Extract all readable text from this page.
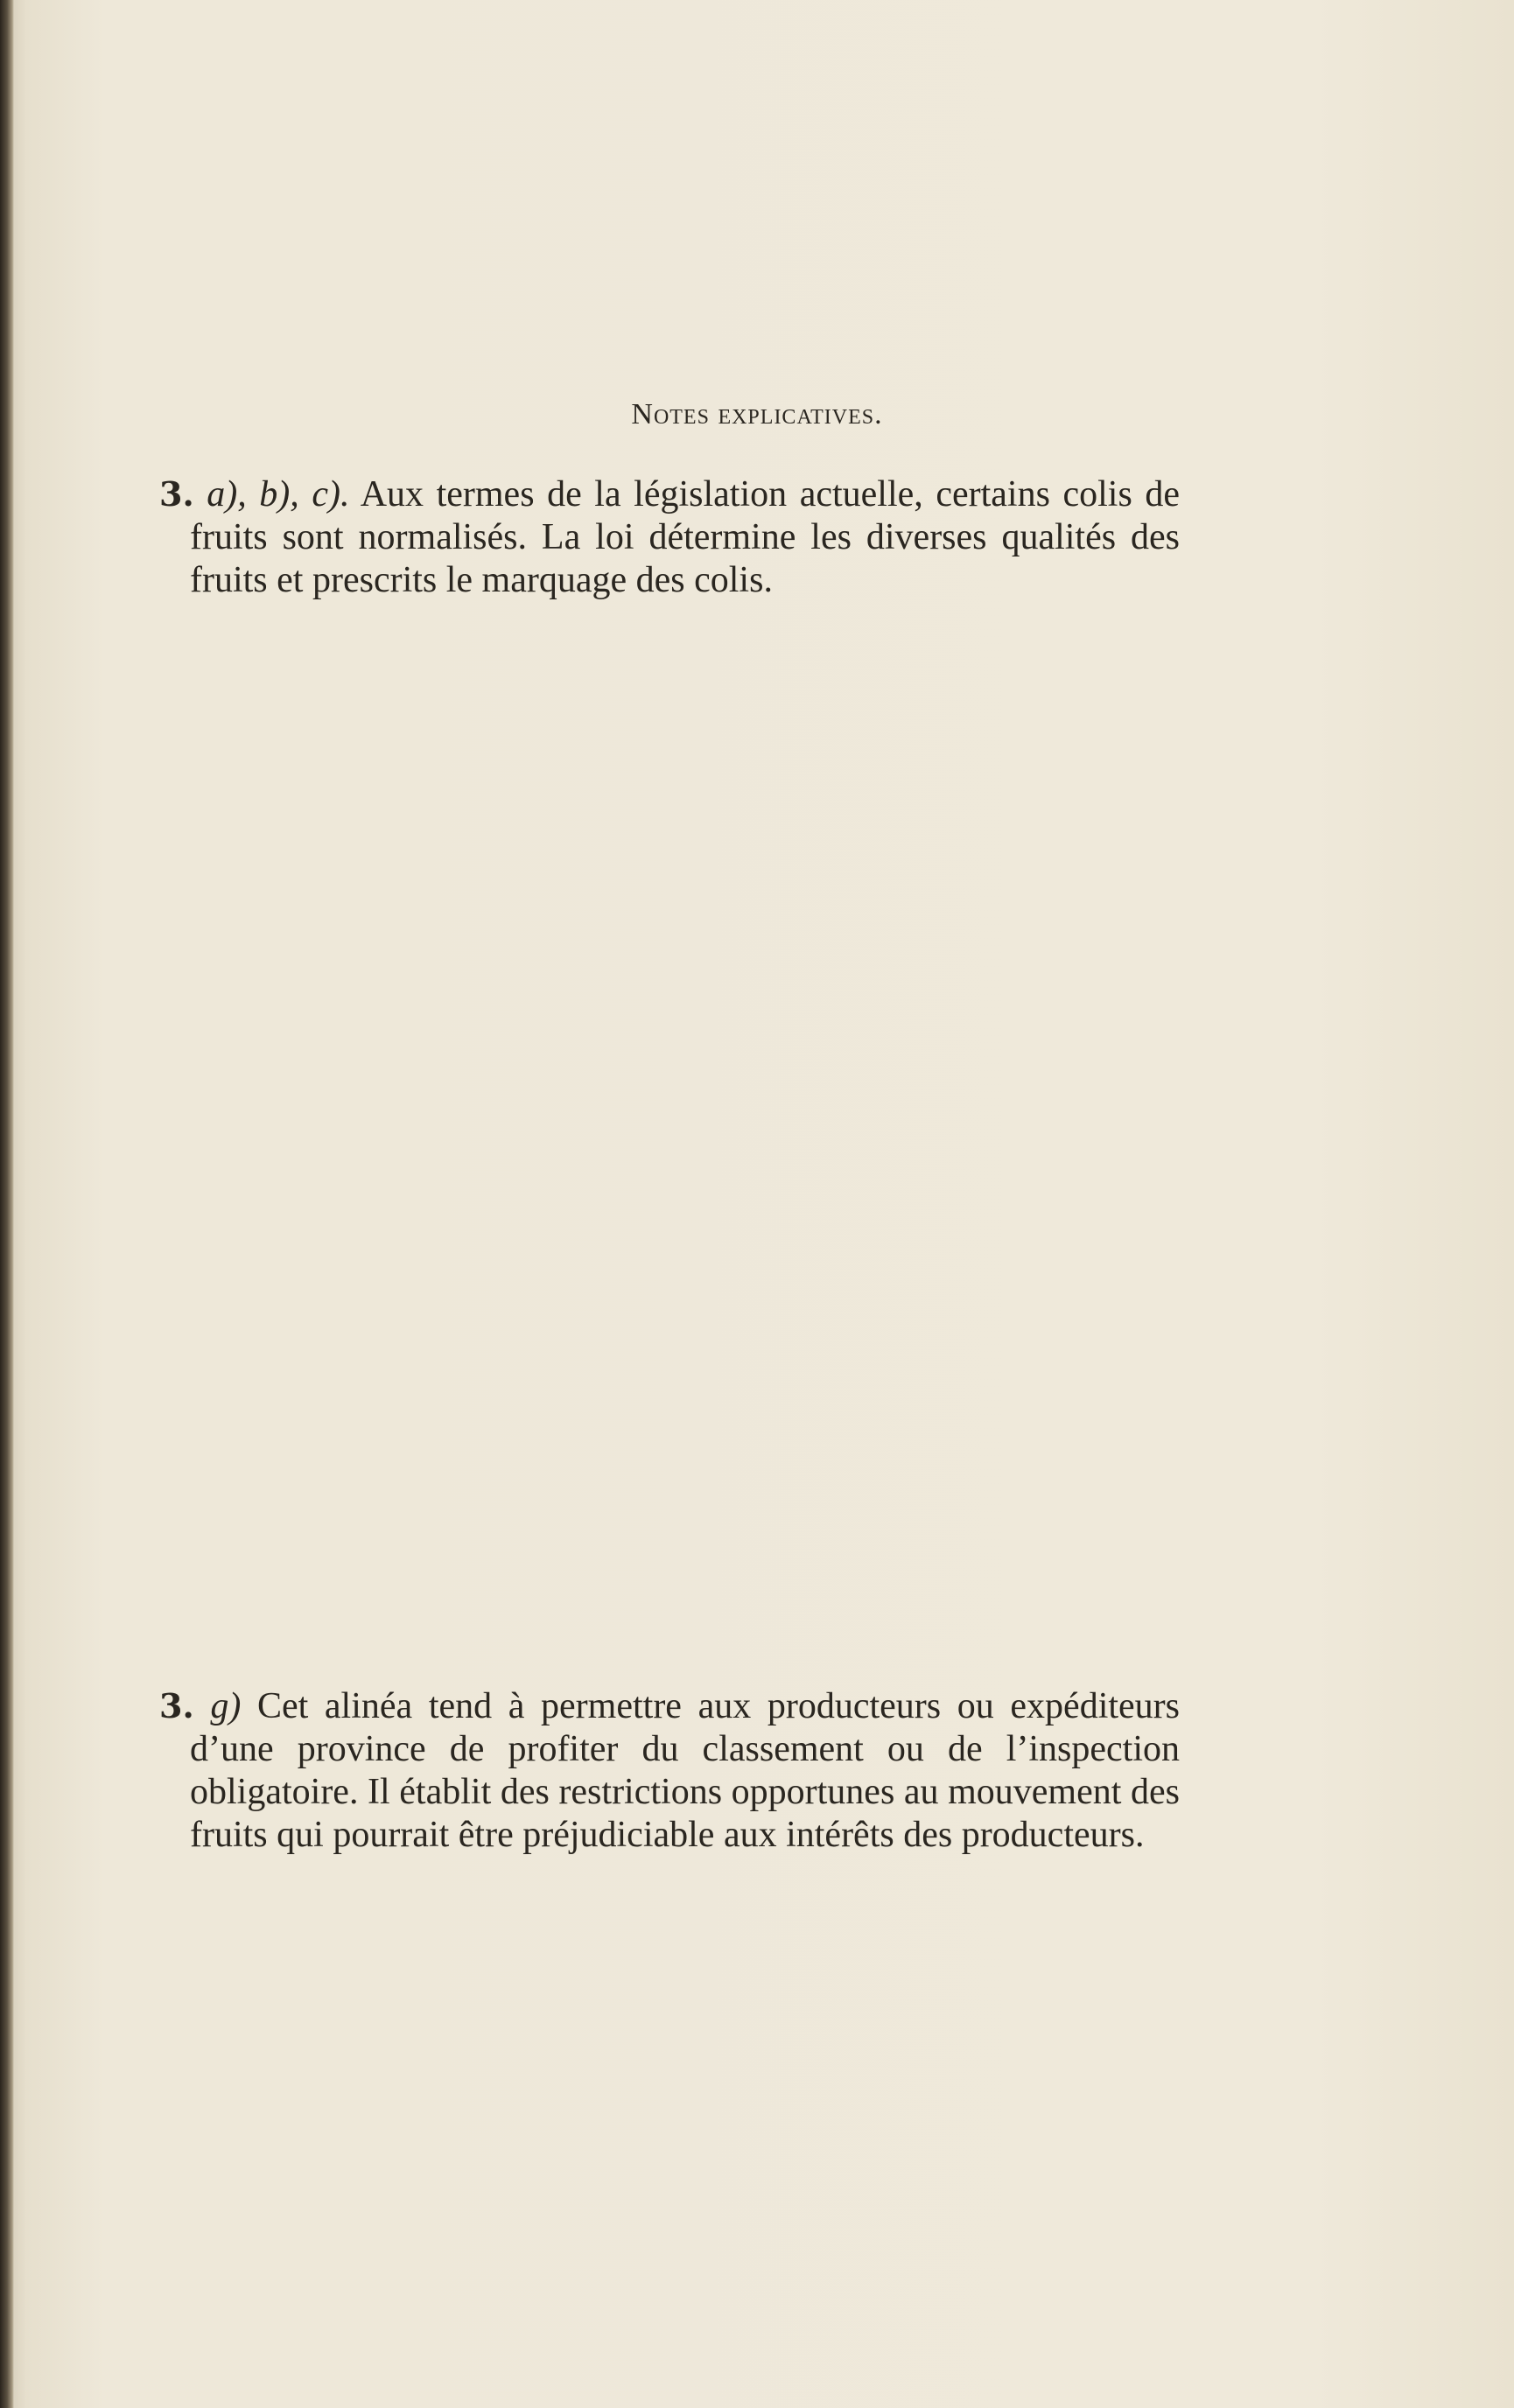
Notes explicatives.
3. a), b), c). Aux termes de la législation actuelle, certains colis de fruits sont normalisés. La loi détermine les diverses qualités des fruits et prescrits le marquage des colis.
3. g) Cet alinéa tend à permettre aux producteurs ou expéditeurs d’une province de profiter du classement ou de l’inspection obligatoire. Il établit des restrictions opportunes au mouvement des fruits qui pourrait être préjudiciable aux intérêts des producteurs.
